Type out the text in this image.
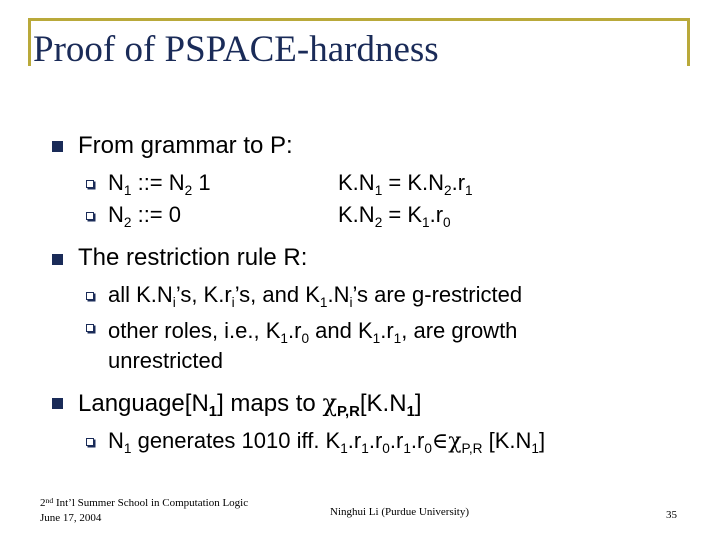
Proof of PSPACE-hardness
From grammar to P:
$N_1$ ::= $N_2$ 1	$K.N_1 = K.N_2.r_1$
$N_2$ ::= 0	$K.N_2 = K_1.r_0$
The restriction rule R:
all $K.N_i’s$, $K.r_i’s$, and $K_1.N_i’s$ are g-restricted
other roles, i.e., $K_1.r_0$ and $K_1.r_1$, are growth
unrestricted
$Language[N_1]$ maps to $\chi_{P,R}[K.N_1]$
$N_1$ generates 1010 iff. $K_1.r_1.r_0.r_1.r_0\in\chi_{P,R}$ $[K.N_1]$
2nd Int’l Summer School in Computation Logic
June 17, 2004	Ninghui Li (Purdue University)	35
